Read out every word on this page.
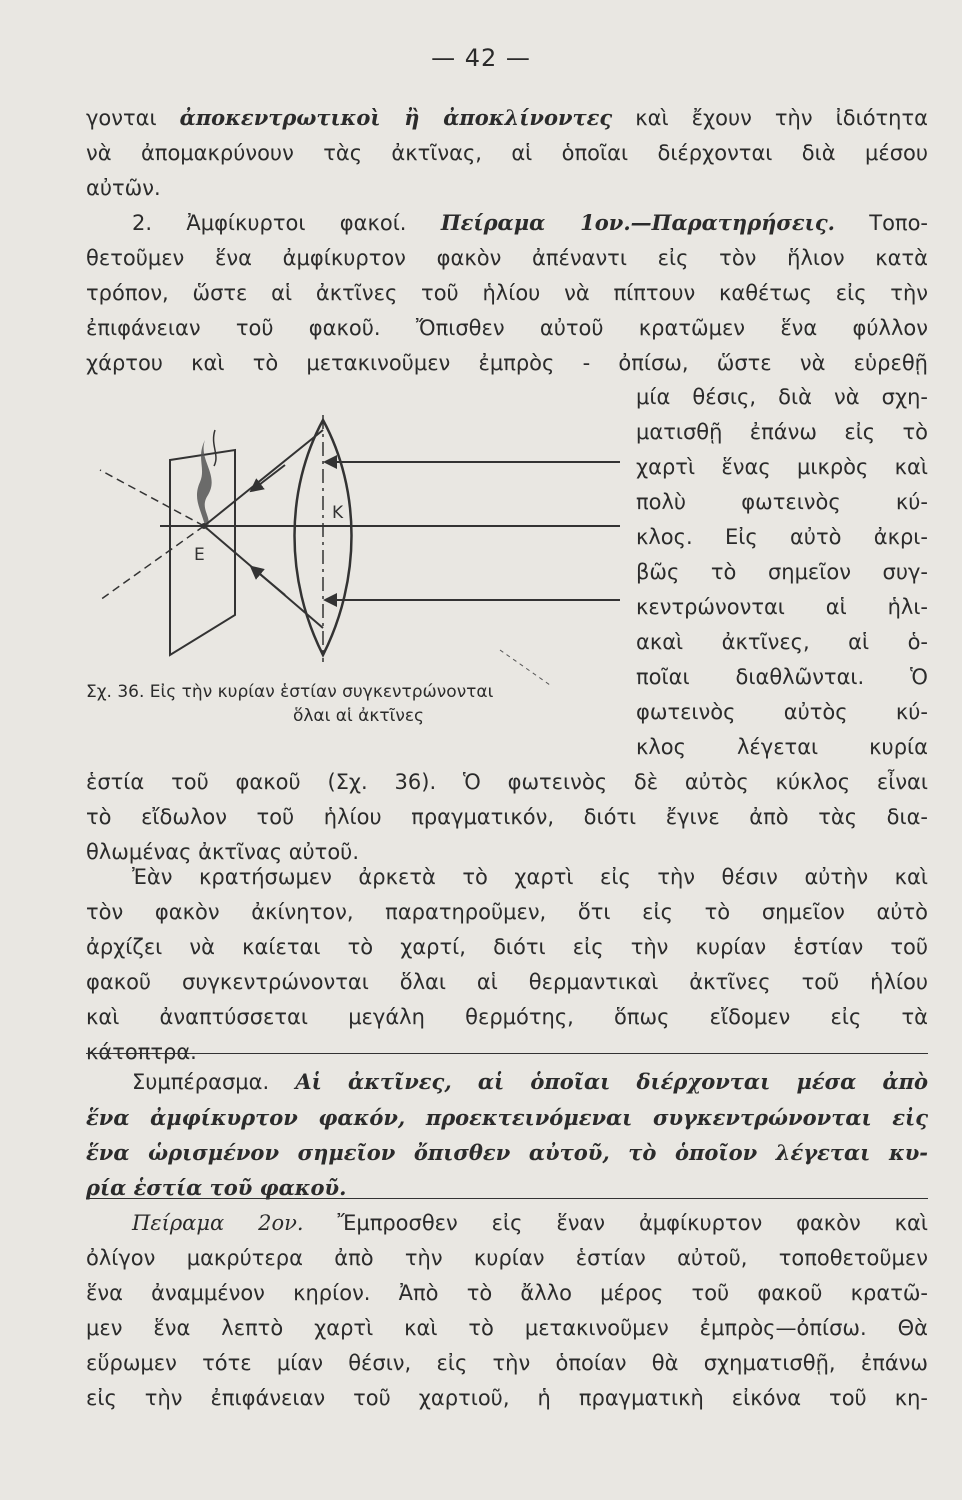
— 42 —
γονται ἀποκεντρωτικοὶ ἢ ἀποκλίνοντες καὶ ἔχουν τὴν ἰδιότητα
νὰ ἀπομακρύνουν τὰς ἀκτῖνας, αἱ ὁποῖαι διέρχονται διὰ μέσου
αὐτῶν.
2. Ἀμφίκυρτοι φακοί. Πείραμα 1ον.—Παρατηρήσεις. Τοπο-
θετοῦμεν ἕνα ἀμφίκυρτον φακὸν ἀπέναντι εἰς τὸν ἥλιον κατὰ
τρόπον, ὥστε αἱ ἀκτῖνες τοῦ ἡλίου νὰ πίπτουν καθέτως εἰς τὴν
ἐπιφάνειαν τοῦ φακοῦ. Ὄπισθεν αὐτοῦ κρατῶμεν ἕνα φύλλον
χάρτου καὶ τὸ μετακινοῦμεν ἐμπρὸς - ὀπίσω, ὥστε νὰ εὑρεθῇ
μία θέσις, διὰ νὰ σχη-
ματισθῇ ἐπάνω εἰς τὸ
χαρτὶ ἕνας μικρὸς καὶ
πολὺ φωτεινὸς κύ-
κλος. Εἰς αὐτὸ ἀκρι-
βῶς τὸ σημεῖον συγ-
κεντρώνονται αἱ ἡλι-
ακαὶ ἀκτῖνες, αἱ ὁ-
ποῖαι διαθλῶνται. Ὁ
φωτεινὸς αὐτὸς κύ-
κλος λέγεται κυρία
Κ
Ε
Σχ. 36. Εἰς τὴν κυρίαν ἑστίαν συγκεντρώνονται
ὅλαι αἱ ἀκτῖνες
ἑστία τοῦ φακοῦ (Σχ. 36). Ὁ φωτεινὸς δὲ αὐτὸς κύκλος εἶναι
τὸ εἴδωλον τοῦ ἡλίου πραγματικόν, διότι ἔγινε ἀπὸ τὰς δια-
θλωμένας ἀκτῖνας αὐτοῦ.
Ἐὰν κρατήσωμεν ἀρκετὰ τὸ χαρτὶ εἰς τὴν θέσιν αὐτὴν καὶ
τὸν φακὸν ἀκίνητον, παρατηροῦμεν, ὅτι εἰς τὸ σημεῖον αὐτὸ
ἀρχίζει νὰ καίεται τὸ χαρτί, διότι εἰς τὴν κυρίαν ἑστίαν τοῦ
φακοῦ συγκεντρώνονται ὅλαι αἱ θερμαντικαὶ ἀκτῖνες τοῦ ἡλίου
καὶ ἀναπτύσσεται μεγάλη θερμότης, ὅπως εἴδομεν εἰς τὰ
κάτοπτρα.
Συμπέρασμα. Αἱ ἀκτῖνες, αἱ ὁποῖαι διέρχονται μέσα ἀπὸ
ἕνα ἀμφίκυρτον φακόν, προεκτεινόμεναι συγκεντρώνονται εἰς
ἕνα ὡρισμένον σημεῖον ὄπισθεν αὐτοῦ, τὸ ὁποῖον λέγεται κυ-
ρία ἑστία τοῦ φακοῦ.
Πείραμα 2ον. Ἔμπροσθεν εἰς ἕναν ἀμφίκυρτον φακὸν καὶ
ὀλίγον μακρύτερα ἀπὸ τὴν κυρίαν ἑστίαν αὐτοῦ, τοποθετοῦμεν
ἕνα ἀναμμένον κηρίον. Ἀπὸ τὸ ἄλλο μέρος τοῦ φακοῦ κρατῶ-
μεν ἕνα λεπτὸ χαρτὶ καὶ τὸ μετακινοῦμεν ἐμπρὸς—ὀπίσω. Θὰ
εὕρωμεν τότε μίαν θέσιν, εἰς τὴν ὁποίαν θὰ σχηματισθῇ, ἐπάνω
εἰς τὴν ἐπιφάνειαν τοῦ χαρτιοῦ, ἡ πραγματικὴ εἰκόνα τοῦ κη-
